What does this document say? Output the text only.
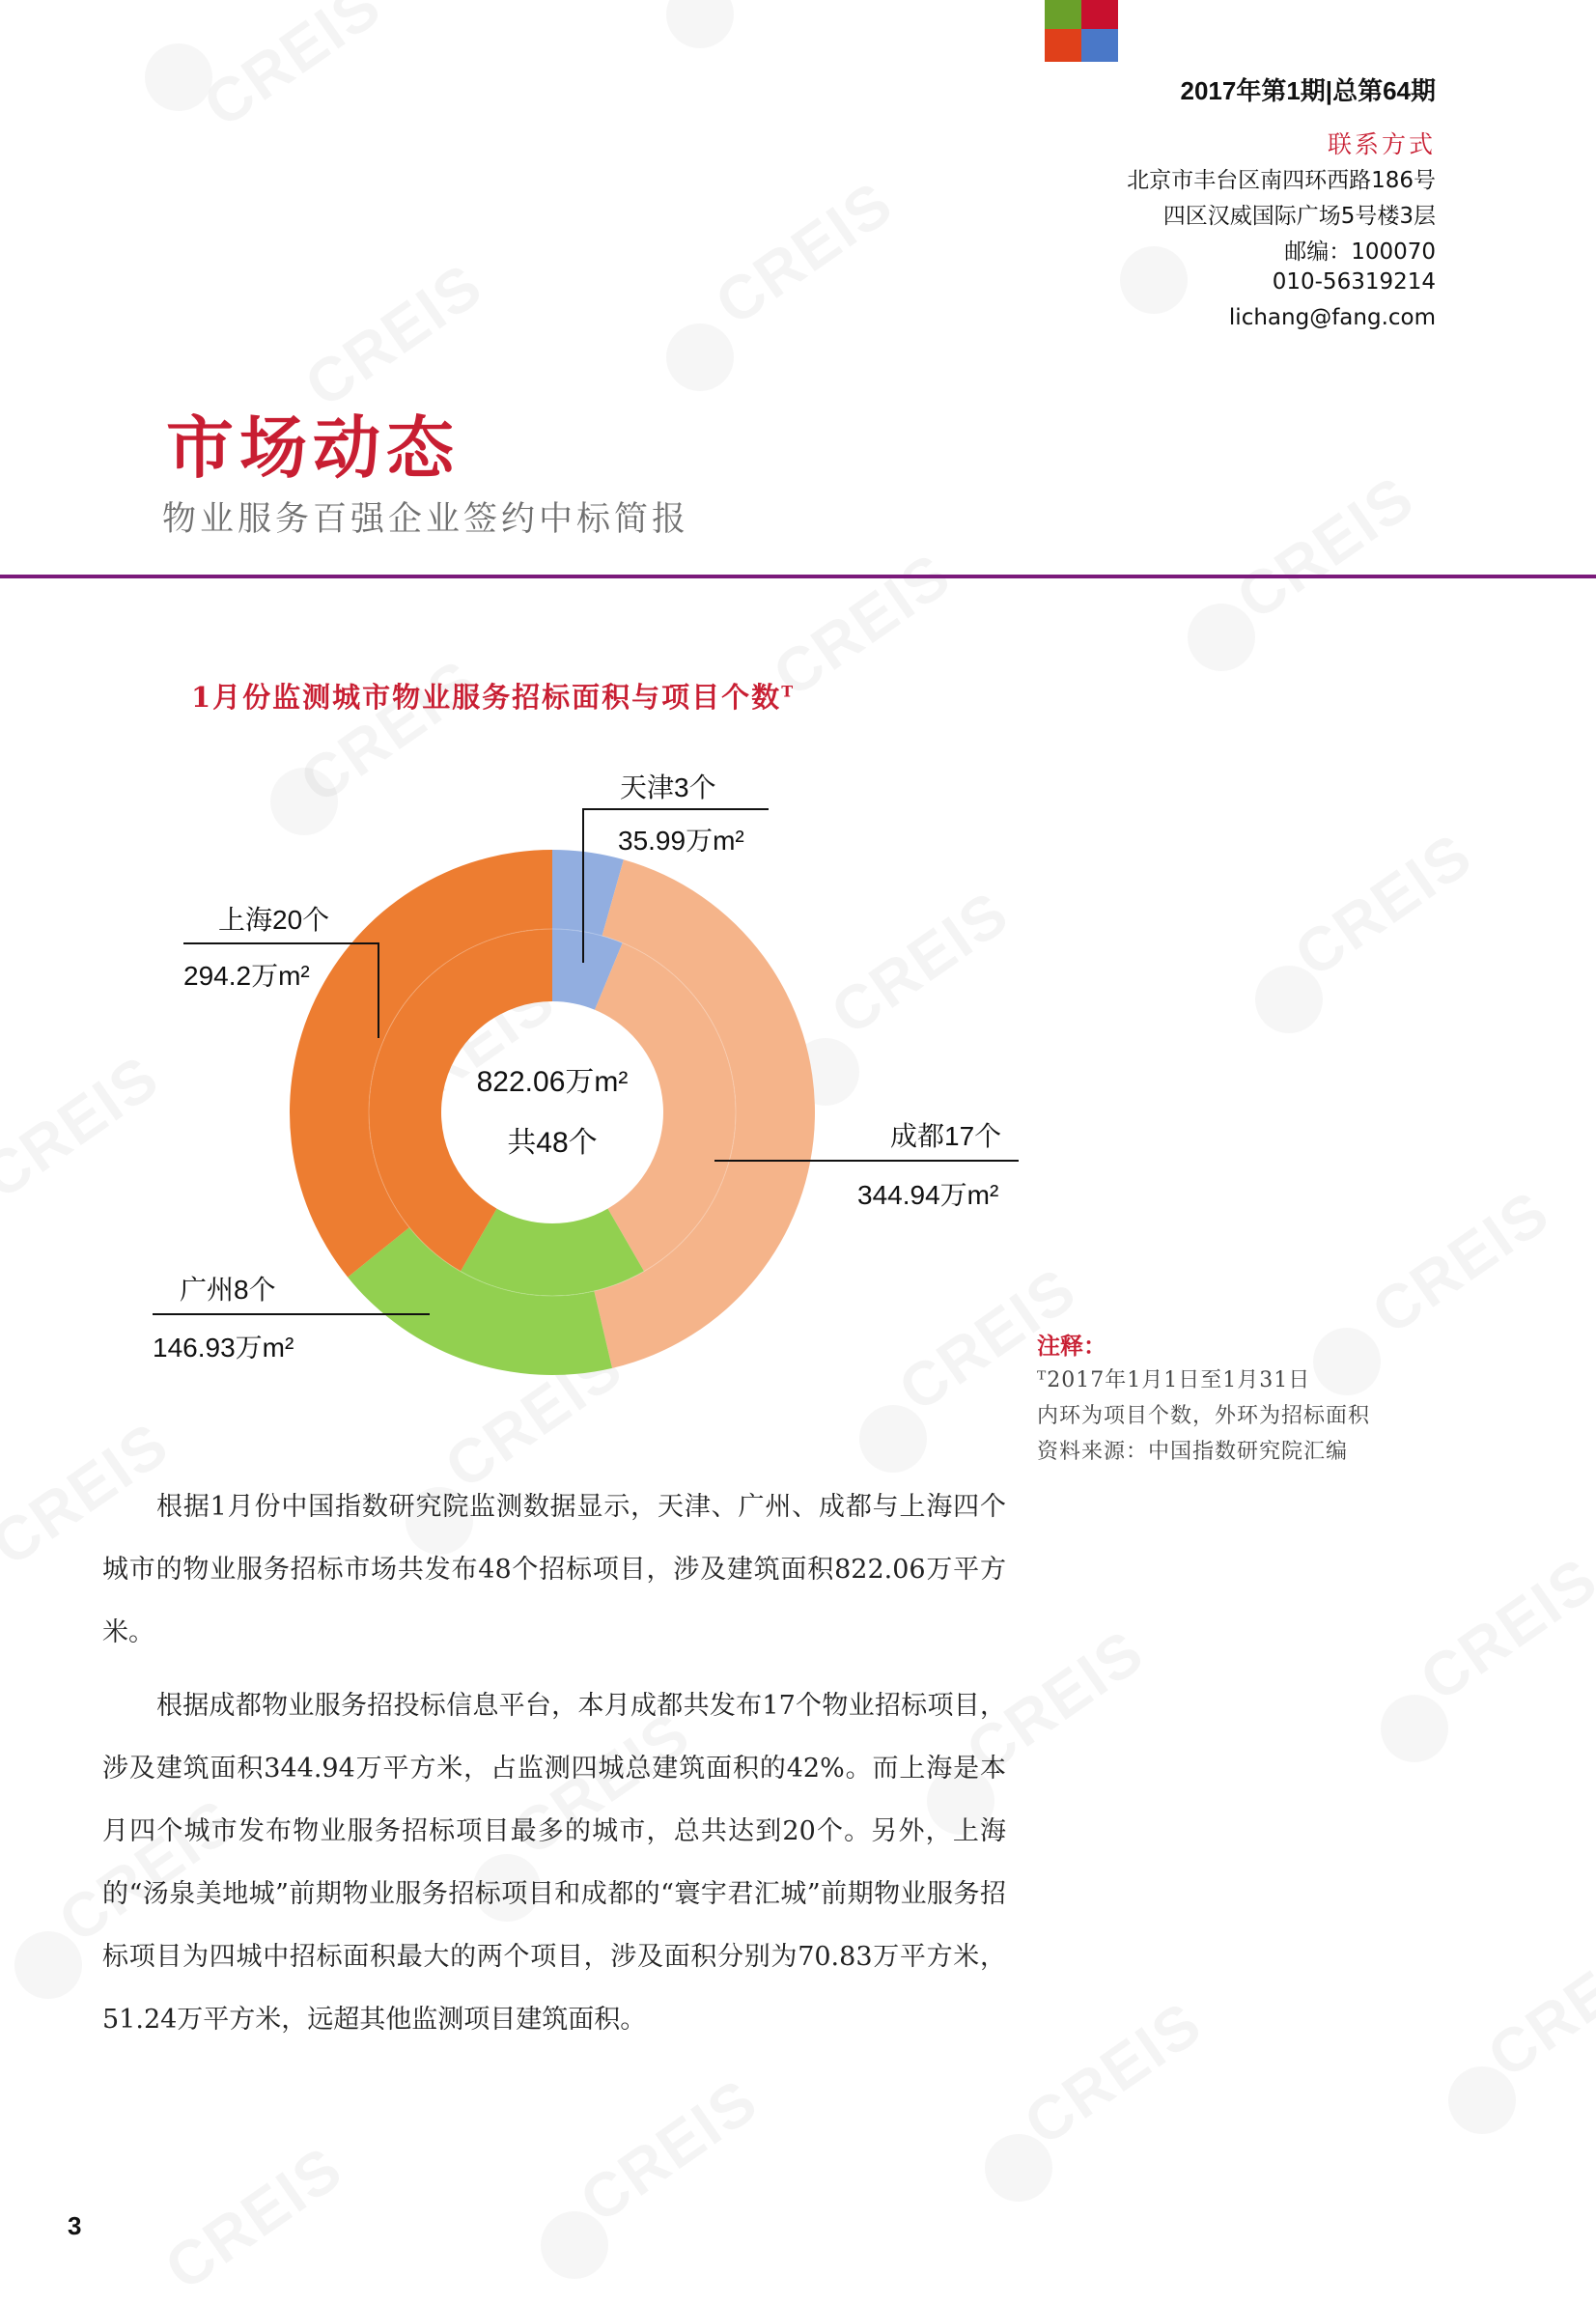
2017年第1期|总第64期
联系方式
北京市丰台区南四环西路186号
四区汉威国际广场5号楼3层
邮编：100070
010-56319214
lichang@fang.com
市场动态
物业服务百强企业签约中标简报
1月份监测城市物业服务招标面积与项目个数$^T$
822.06万m²
共48个
天津3个
35.99万m²
成都17个
344.94万m²
广州8个
146.93万m²
上海20个
294.2万m²
注释：
ᵀ2017年1月1日至1月31日
内环为项目个数，外环为招标面积
资料来源：中国指数研究院汇编

根据1月份中国指数研究院监测数据显示，天津、广州、成都与上海四个城市的物业服务招标市场共发布48个招标项目，涉及建筑面积822.06万平方米。

根据成都物业服务招投标信息平台，本月成都共发布17个物业招标项目，涉及建筑面积344.94万平方米，占监测四城总建筑面积的42%。而上海是本月四个城市发布物业服务招标项目最多的城市，总共达到20个。另外，上海的“汤泉美地城”前期物业服务招标项目和成都的“寰宇君汇城”前期物业服务招标项目为四城中招标面积最大的两个项目，涉及面积分别为70.83万平方米，51.24万平方米，远超其他监测项目建筑面积。

3
